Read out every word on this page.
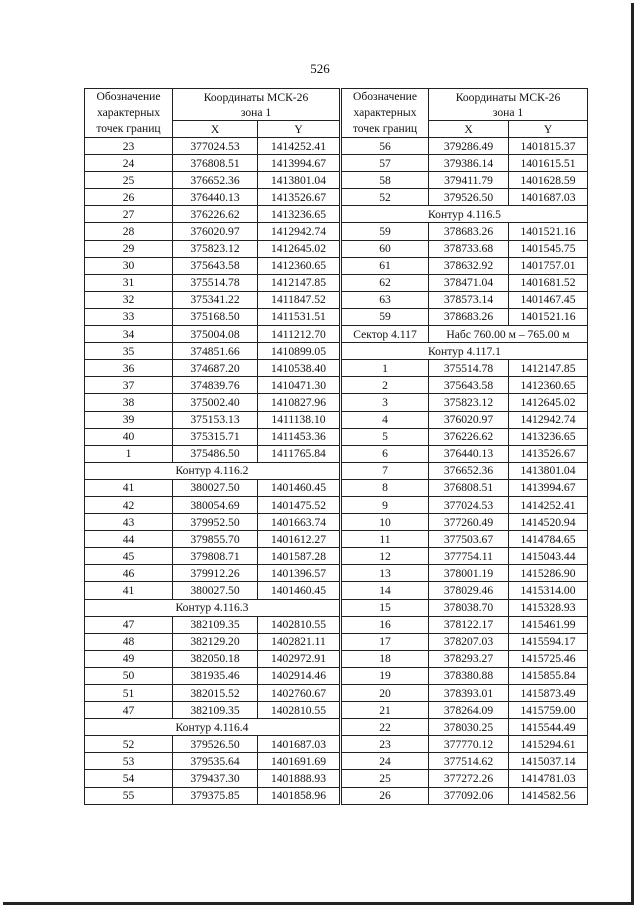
526
Обозначение
характерных
точек границ	Координаты МСК-26
зона 1	
	X	Y
23	377024.53	1414252.41
24	376808.51	1413994.67
25	376652.36	1413801.04
26	376440.13	1413526.67
27	376226.62	1413236.65
28	376020.97	1412942.74
29	375823.12	1412645.02
30	375643.58	1412360.65
31	375514.78	1412147.85
32	375341.22	1411847.52
33	375168.50	1411531.51
34	375004.08	1411212.70
35	374851.66	1410899.05
36	374687.20	1410538.40
37	374839.76	1410471.30
38	375002.40	1410827.96
39	375153.13	1411138.10
40	375315.71	1411453.36
1	375486.50	1411765.84
Контур 4.116.2		
41	380027.50	1401460.45
42	380054.69	1401475.52
43	379952.50	1401663.74
44	379855.70	1401612.27
45	379808.71	1401587.28
46	379912.26	1401396.57
41	380027.50	1401460.45
Контур 4.116.3		
47	382109.35	1402810.55
48	382129.20	1402821.11
49	382050.18	1402972.91
50	381935.46	1402914.46
51	382015.52	1402760.67
47	382109.35	1402810.55
Контур 4.116.4		
52	379526.50	1401687.03
53	379535.64	1401691.69
54	379437.30	1401888.93
55	379375.85	1401858.96
Обозначение
характерных
точек границ	Координаты МСК-26
зона 1	
	X	Y
56	379286.49	1401815.37
57	379386.14	1401615.51
58	379411.79	1401628.59
52	379526.50	1401687.03
Контур 4.116.5		
59	378683.26	1401521.16
60	378733.68	1401545.75
61	378632.92	1401757.01
62	378471.04	1401681.52
63	378573.14	1401467.45
59	378683.26	1401521.16
Сектор 4.117	Набс 760.00 м – 765.00 м	
Контур 4.117.1		
1	375514.78	1412147.85
2	375643.58	1412360.65
3	375823.12	1412645.02
4	376020.97	1412942.74
5	376226.62	1413236.65
6	376440.13	1413526.67
7	376652.36	1413801.04
8	376808.51	1413994.67
9	377024.53	1414252.41
10	377260.49	1414520.94
11	377503.67	1414784.65
12	377754.11	1415043.44
13	378001.19	1415286.90
14	378029.46	1415314.00
15	378038.70	1415328.93
16	378122.17	1415461.99
17	378207.03	1415594.17
18	378293.27	1415725.46
19	378380.88	1415855.84
20	378393.01	1415873.49
21	378264.09	1415759.00
22	378030.25	1415544.49
23	377770.12	1415294.61
24	377514.62	1415037.14
25	377272.26	1414781.03
26	377092.06	1414582.56
